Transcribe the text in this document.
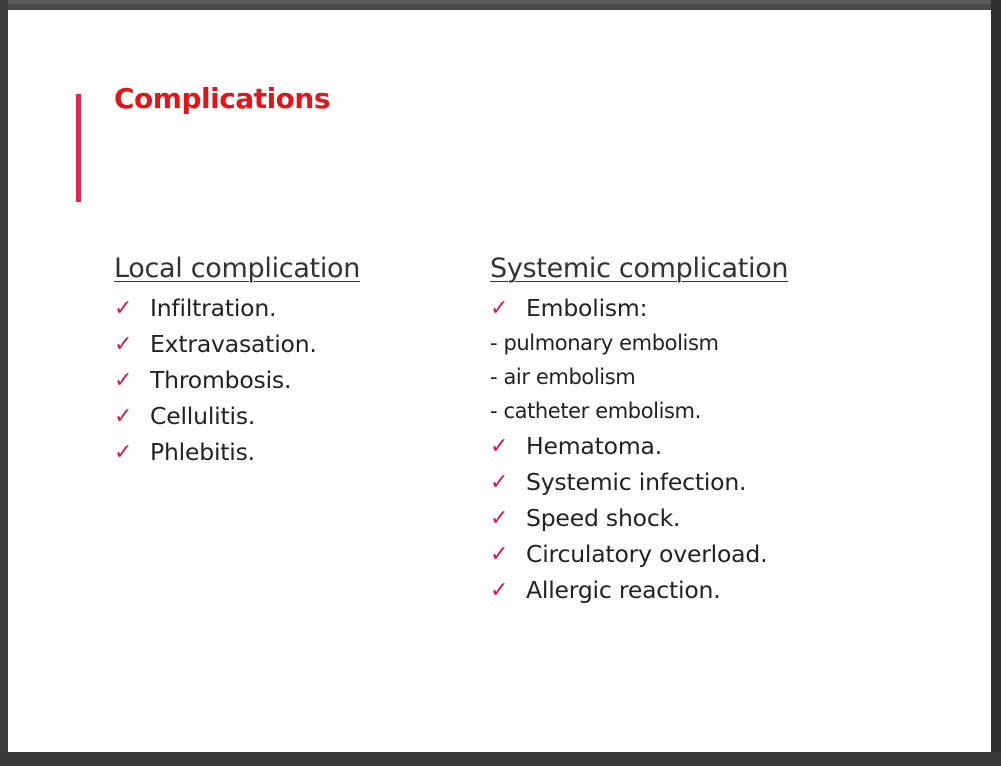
Complications
Local complication
✓ Infiltration.
✓ Extravasation.
✓ Thrombosis.
✓ Cellulitis.
✓ Phlebitis.
Systemic complication
✓ Embolism:
- pulmonary embolism
- air embolism
- catheter embolism.
✓ Hematoma.
✓ Systemic infection.
✓ Speed shock.
✓ Circulatory overload.
✓ Allergic reaction.
